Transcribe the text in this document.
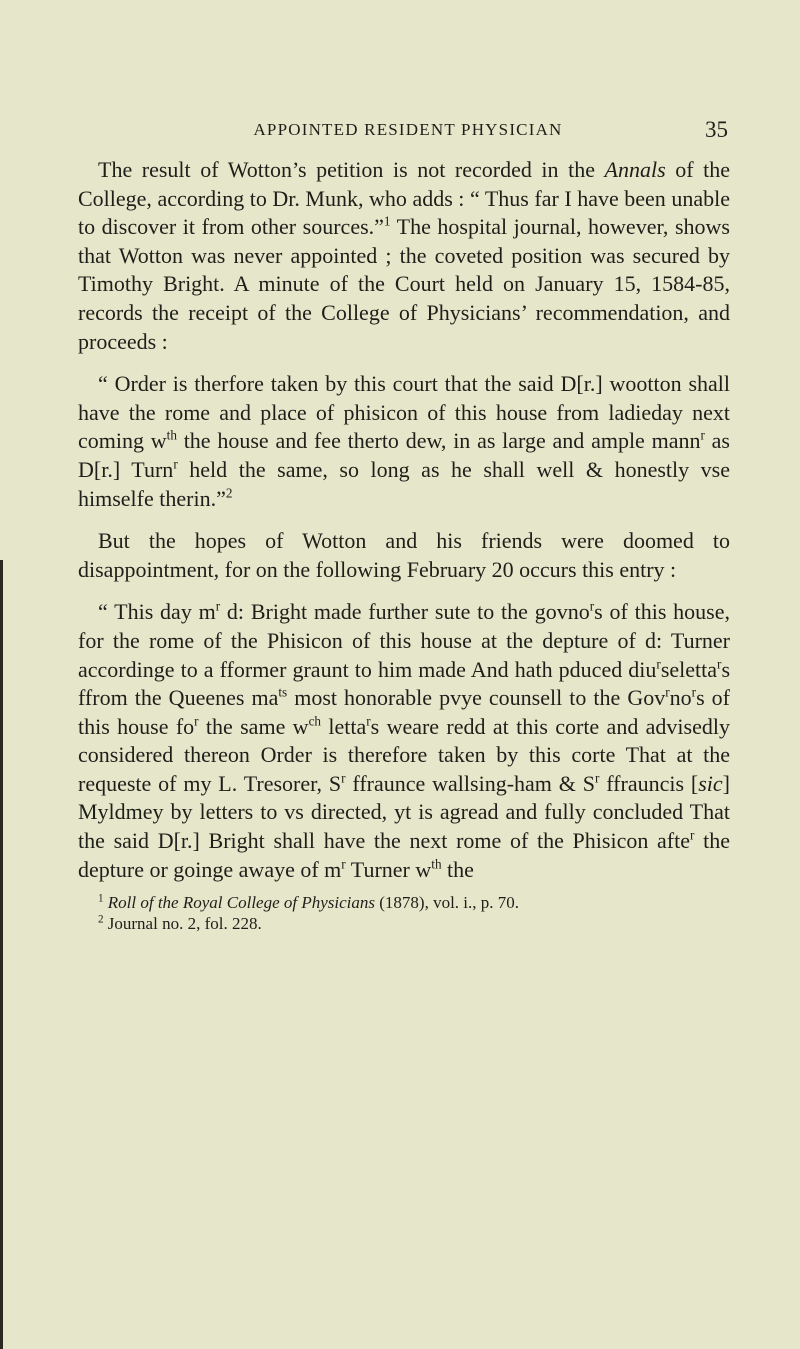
APPOINTED RESIDENT PHYSICIAN	35

The result of Wotton’s petition is not recorded in the Annals of the College, according to Dr. Munk, who adds : “ Thus far I have been unable to discover it from other sources.”$^1$ The hospital journal, however, shows that Wotton was never appointed ; the coveted position was secured by Timothy Bright. A minute of the Court held on January 15, 1584-85, records the receipt of the College of Physicians’ recommendation, and proceeds :

“ Order is therfore taken by this court that the said D[r.] wootton shall have the rome and place of phisicon of this house from ladieday next coming $w^{th}$ the house and fee therto dew, in as large and ample mann$^r$ as D[r.] Turn$^r$ held the same, so long as he shall well & honestly vse himselfe therin.”$^2$

But the hopes of Wotton and his friends were doomed to disappointment, for on the following February 20 occurs this entry :

“ This day $m^r$ d: Bright made further sute to the govno$^r$s of this house, for the rome of the Phisicon of this house at the depture of d: Turner accordinge to a fformer graunt to him made And hath pduced diu$^r$seletta$^r$s ffrom the Queenes $ma^{ts}$ most honorable pvye counsell to the $Gov^rno^rs$ of this house $fo^r$ the same $w^{ch}$ letta$^r$s weare redd at this corte and advisedly considered thereon Order is therefore taken by this corte That at the requeste of my L. Tresorer, $S^r$ ffraunce wallsing-ham & $S^r$ ffrauncis [sic] Myldmey by letters to vs directed, yt is agread and fully concluded That the said D[r.] Bright shall have the next rome of the Phisicon afte$^r$ the depture or goinge awaye of $m^r$ Turner $w^{th}$ the

$^1$ Roll of the Royal College of Physicians (1878), vol. i., p. 70.

$^2$ Journal no. 2, fol. 228.
